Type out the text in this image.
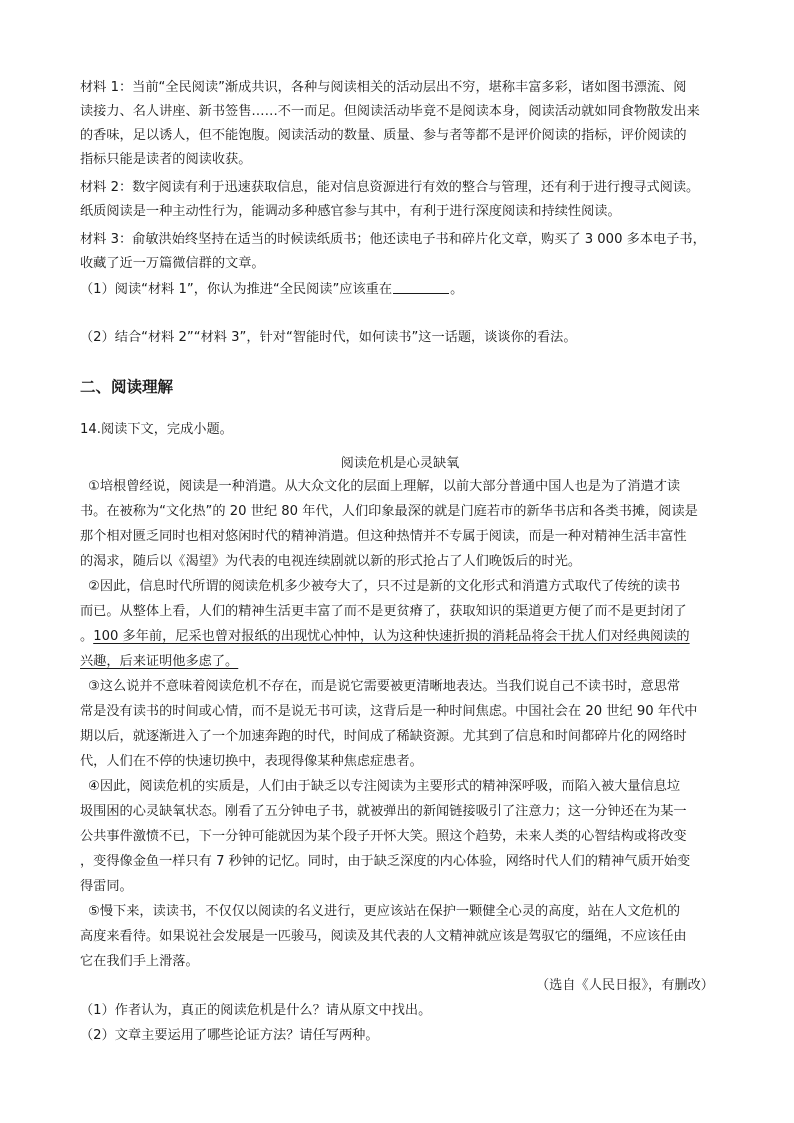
材料 1：当前“全民阅读”渐成共识，各种与阅读相关的活动层出不穷，堪称丰富多彩，诸如图书漂流、阅
读接力、名人讲座、新书签售……不一而足。但阅读活动毕竟不是阅读本身，阅读活动就如同食物散发出来
的香味，足以诱人，但不能饱腹。阅读活动的数量、质量、参与者等都不是评价阅读的指标，评价阅读的
指标只能是读者的阅读收获。
材料 2：数字阅读有利于迅速获取信息，能对信息资源进行有效的整合与管理，还有利于进行搜寻式阅读。
纸质阅读是一种主动性行为，能调动多种感官参与其中，有利于进行深度阅读和持续性阅读。
材料 3：俞敏洪始终坚持在适当的时候读纸质书；他还读电子书和碎片化文章，购买了 3 000 多本电子书，
收藏了近一万篇微信群的文章。
（1）阅读“材料 1”，你认为推进“全民阅读”应该重在	。
（2）结合“材料 2”“材料 3”，针对“智能时代，如何读书”这一话题，谈谈你的看法。
二、阅读理解
14.阅读下文，完成小题。
阅读危机是心灵缺氧
①培根曾经说，阅读是一种消遣。从大众文化的层面上理解，以前大部分普通中国人也是为了消遣才读
书。在被称为“文化热”的 20 世纪 80 年代，人们印象最深的就是门庭若市的新华书店和各类书摊，阅读是
那个相对匮乏同时也相对悠闲时代的精神消遣。但这种热情并不专属于阅读，而是一种对精神生活丰富性
的渴求，随后以《渴望》为代表的电视连续剧就以新的形式抢占了人们晚饭后的时光。
②因此，信息时代所谓的阅读危机多少被夸大了，只不过是新的文化形式和消遣方式取代了传统的读书
而已。从整体上看，人们的精神生活更丰富了而不是更贫瘠了，获取知识的渠道更方便了而不是更封闭了
。100 多年前，尼采也曾对报纸的出现忧心忡忡，认为这种快速折损的消耗品将会干扰人们对经典阅读的
兴趣，后来证明他多虑了。
③这么说并不意味着阅读危机不存在，而是说它需要被更清晰地表达。当我们说自己不读书时，意思常
常是没有读书的时间或心情，而不是说无书可读，这背后是一种时间焦虑。中国社会在 20 世纪 90 年代中
期以后，就逐渐进入了一个加速奔跑的时代，时间成了稀缺资源。尤其到了信息和时间都碎片化的网络时
代，人们在不停的快速切换中，表现得像某种焦虑症患者。
④因此，阅读危机的实质是，人们由于缺乏以专注阅读为主要形式的精神深呼吸，而陷入被大量信息垃
圾围困的心灵缺氧状态。刚看了五分钟电子书，就被弹出的新闻链接吸引了注意力；这一分钟还在为某一
公共事件激愤不已，下一分钟可能就因为某个段子开怀大笑。照这个趋势，未来人类的心智结构或将改变
，变得像金鱼一样只有 7 秒钟的记忆。同时，由于缺乏深度的内心体验，网络时代人们的精神气质开始变
得雷同。
⑤慢下来，读读书，不仅仅以阅读的名义进行，更应该站在保护一颗健全心灵的高度，站在人文危机的
高度来看待。如果说社会发展是一匹骏马，阅读及其代表的人文精神就应该是驾驭它的缰绳，不应该任由
它在我们手上滑落。
（选自《人民日报》，有删改）
（1）作者认为，真正的阅读危机是什么？请从原文中找出。
（2）文章主要运用了哪些论证方法？请任写两种。
